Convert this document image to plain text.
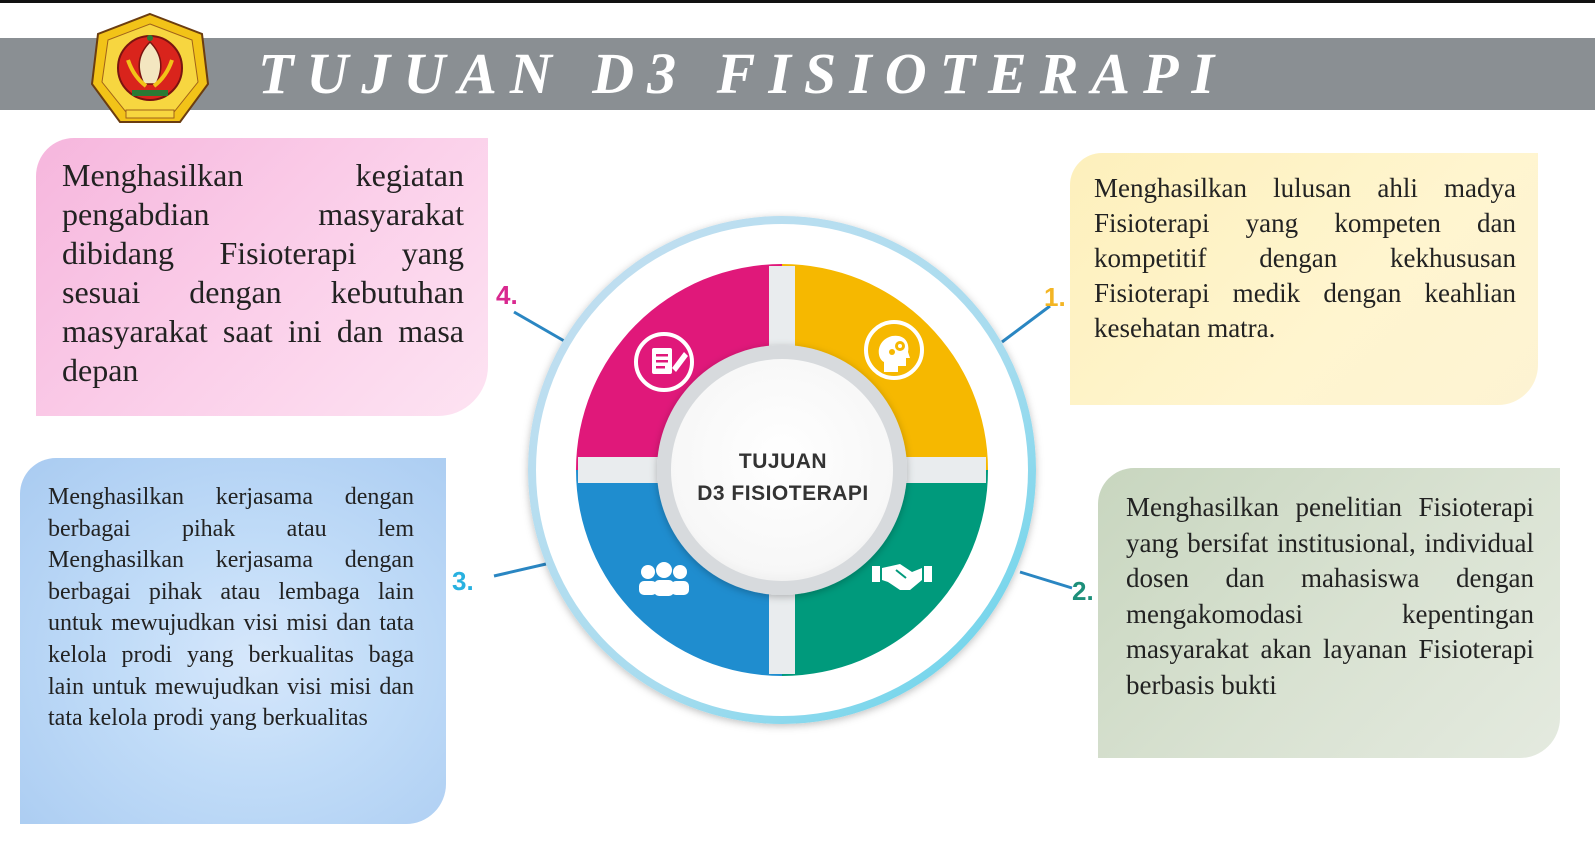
TUJUAN D3 FISIOTERAPI
TUJUAN
D3 FISIOTERAPI
4.	1.
3.	2.
Menghasilkan kegiatan pengabdian masyarakat dibidang Fisioterapi yang sesuai dengan kebutuhan masyarakat saat ini dan masa depan
Menghasilkan lulusan ahli madya Fisioterapi yang kompeten dan kompetitif dengan kekhususan Fisioterapi medik dengan keahlian kesehatan matra.
Menghasilkan kerjasama dengan berbagai pihak atau lem Menghasilkan kerjasama dengan berbagai pihak atau lembaga lain untuk mewujudkan visi misi dan tata kelola prodi yang berkualitas baga lain untuk mewujudkan visi misi dan tata kelola prodi yang berkualitas
Menghasilkan penelitian Fisioterapi yang bersifat institusional, individual dosen dan mahasiswa dengan mengakomodasi kepentingan masyarakat akan layanan Fisioterapi berbasis bukti
